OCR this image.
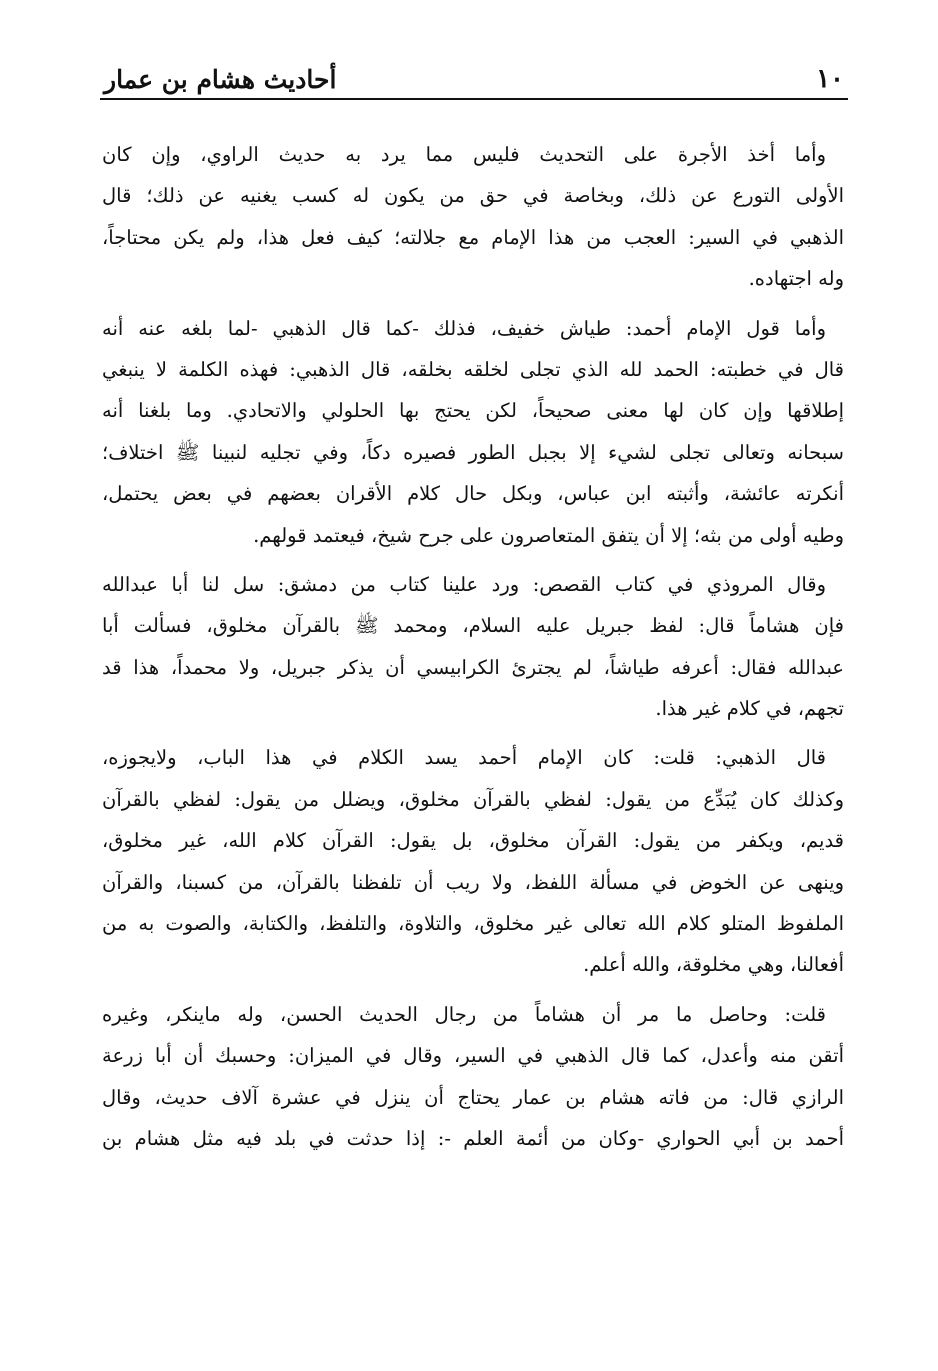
١٠
أحاديث هشام بن عمار
وأما أخذ الأجرة على التحديث فليس مما يرد به حديث الراوي، وإن كان
الأولى التورع عن ذلك، وبخاصة في حق من يكون له كسب يغنيه عن ذلك؛ قال
الذهبي في السير: العجب من هذا الإمام مع جلالته؛ كيف فعل هذا، ولم يكن محتاجاً،
وله اجتهاده.
وأما قول الإمام أحمد: طياش خفيف، فذلك -كما قال الذهبي -لما بلغه عنه أنه
قال في خطبته: الحمد لله الذي تجلى لخلقه بخلقه، قال الذهبي: فهذه الكلمة لا ينبغي
إطلاقها وإن كان لها معنى صحيحاً، لكن يحتج بها الحلولي والاتحادي. وما بلغنا أنه
سبحانه وتعالى تجلى لشيء إلا بجبل الطور فصيره دكاً، وفي تجليه لنبينا ﷺ اختلاف؛
أنكرته عائشة، وأثبته ابن عباس، وبكل حال كلام الأقران بعضهم في بعض يحتمل،
وطيه أولى من بثه؛ إلا أن يتفق المتعاصرون على جرح شيخ، فيعتمد قولهم.
وقال المروذي في كتاب القصص: ورد علينا كتاب من دمشق: سل لنا أبا عبدالله
فإن هشاماً قال: لفظ جبريل عليه السلام، ومحمد ﷺ بالقرآن مخلوق، فسألت أبا
عبدالله فقال: أعرفه طياشاً، لم يجترئ الكرابيسي أن يذكر جبريل، ولا محمداً، هذا قد
تجهم، في كلام غير هذا.
قال الذهبي: قلت: كان الإمام أحمد يسد الكلام في هذا الباب، ولايجوزه،
وكذلك كان يُبَدِّع من يقول: لفظي بالقرآن مخلوق، ويضلل من يقول: لفظي بالقرآن
قديم، ويكفر من يقول: القرآن مخلوق، بل يقول: القرآن كلام الله، غير مخلوق،
وينهى عن الخوض في مسألة اللفظ، ولا ريب أن تلفظنا بالقرآن، من كسبنا، والقرآن
الملفوظ المتلو كلام الله تعالى غير مخلوق، والتلاوة، والتلفظ، والكتابة، والصوت به من
أفعالنا، وهي مخلوقة، والله أعلم.
قلت: وحاصل ما مر أن هشاماً من رجال الحديث الحسن، وله ماينكر، وغيره
أتقن منه وأعدل، كما قال الذهبي في السير، وقال في الميزان: وحسبك أن أبا زرعة
الرازي قال: من فاته هشام بن عمار يحتاج أن ينزل في عشرة آلاف حديث، وقال
أحمد بن أبي الحواري -وكان من أئمة العلم -: إذا حدثت في بلد فيه مثل هشام بن
